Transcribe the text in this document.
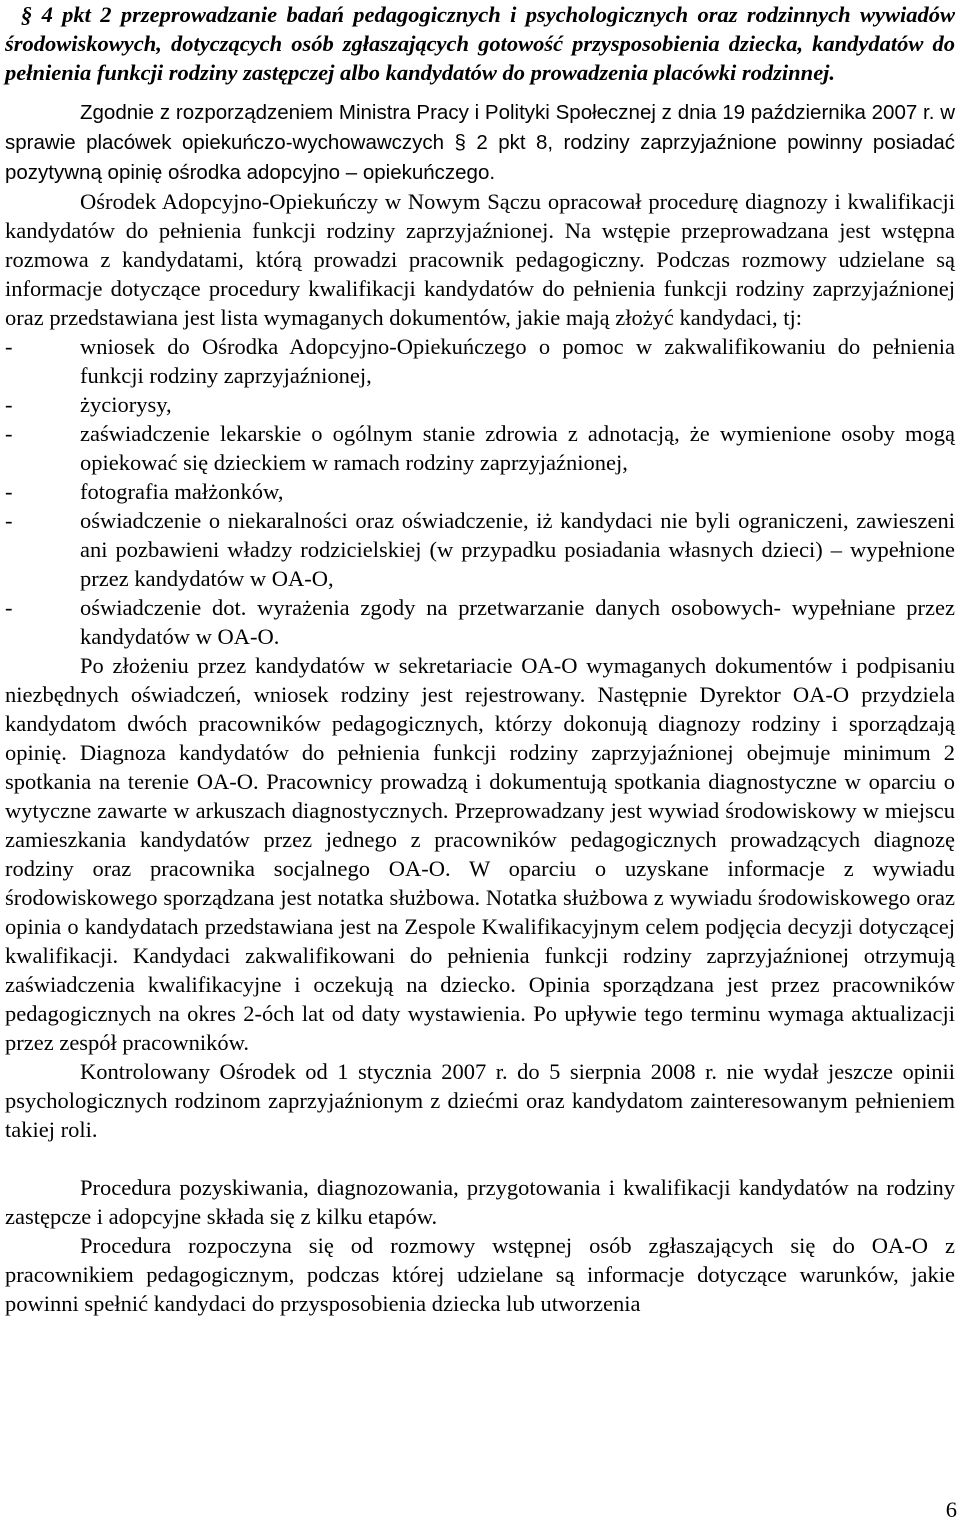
§ 4 pkt 2 przeprowadzanie badań pedagogicznych i psychologicznych oraz rodzinnych wywiadów środowiskowych, dotyczących osób zgłaszających gotowość przysposobienia dziecka, kandydatów do pełnienia funkcji rodziny zastępczej albo kandydatów do prowadzenia placówki rodzinnej.

Zgodnie z rozporządzeniem Ministra Pracy i Polityki Społecznej z dnia 19 października 2007 r. w sprawie placówek opiekuńczo-wychowawczych § 2 pkt 8, rodziny zaprzyjaźnione powinny posiadać pozytywną opinię ośrodka adopcyjno – opiekuńczego.

Ośrodek Adopcyjno-Opiekuńczy w Nowym Sączu opracował procedurę diagnozy i kwalifikacji kandydatów do pełnienia funkcji rodziny zaprzyjaźnionej. Na wstępie przeprowadzana jest wstępna rozmowa z kandydatami, którą prowadzi pracownik pedagogiczny. Podczas rozmowy udzielane są informacje dotyczące procedury kwalifikacji kandydatów do pełnienia funkcji rodziny zaprzyjaźnionej oraz przedstawiana jest lista wymaganych dokumentów, jakie mają złożyć kandydaci, tj:

- wniosek do Ośrodka Adopcyjno-Opiekuńczego o pomoc w zakwalifikowaniu do pełnienia funkcji rodziny zaprzyjaźnionej,
- życiorysy,
- zaświadczenie lekarskie o ogólnym stanie zdrowia z adnotacją, że wymienione osoby mogą opiekować się dzieckiem w ramach rodziny zaprzyjaźnionej,
- fotografia małżonków,
- oświadczenie o niekaralności oraz oświadczenie, iż kandydaci nie byli ograniczeni, zawieszeni ani pozbawieni władzy rodzicielskiej (w przypadku posiadania własnych dzieci) – wypełnione przez kandydatów w OA-O,
- oświadczenie dot. wyrażenia zgody na przetwarzanie danych osobowych- wypełniane przez kandydatów w OA-O.

Po złożeniu przez kandydatów w sekretariacie OA-O wymaganych dokumentów i podpisaniu niezbędnych oświadczeń, wniosek rodziny jest rejestrowany. Następnie Dyrektor OA-O przydziela kandydatom dwóch pracowników pedagogicznych, którzy dokonują diagnozy rodziny i sporządzają opinię. Diagnoza kandydatów do pełnienia funkcji rodziny zaprzyjaźnionej obejmuje minimum 2 spotkania na terenie OA-O. Pracownicy prowadzą i dokumentują spotkania diagnostyczne w oparciu o wytyczne zawarte w arkuszach diagnostycznych. Przeprowadzany jest wywiad środowiskowy w miejscu zamieszkania kandydatów przez jednego z pracowników pedagogicznych prowadzących diagnozę rodziny oraz pracownika socjalnego OA-O. W oparciu o uzyskane informacje z wywiadu środowiskowego sporządzana jest notatka służbowa. Notatka służbowa z wywiadu środowiskowego oraz opinia o kandydatach przedstawiana jest na Zespole Kwalifikacyjnym celem podjęcia decyzji dotyczącej kwalifikacji. Kandydaci zakwalifikowani do pełnienia funkcji rodziny zaprzyjaźnionej otrzymują zaświadczenia kwalifikacyjne i oczekują na dziecko. Opinia sporządzana jest przez pracowników pedagogicznych na okres 2-óch lat od daty wystawienia. Po upływie tego terminu wymaga aktualizacji przez zespół pracowników.

Kontrolowany Ośrodek od 1 stycznia 2007 r. do 5 sierpnia 2008 r. nie wydał jeszcze opinii psychologicznych rodzinom zaprzyjaźnionym z dziećmi oraz kandydatom zainteresowanym pełnieniem takiej roli.

Procedura pozyskiwania, diagnozowania, przygotowania i kwalifikacji kandydatów na rodziny zastępcze i adopcyjne składa się z kilku etapów.

Procedura rozpoczyna się od rozmowy wstępnej osób zgłaszających się do OA-O z pracownikiem pedagogicznym, podczas której udzielane są informacje dotyczące warunków, jakie powinni spełnić kandydaci do przysposobienia dziecka lub utworzenia

6
